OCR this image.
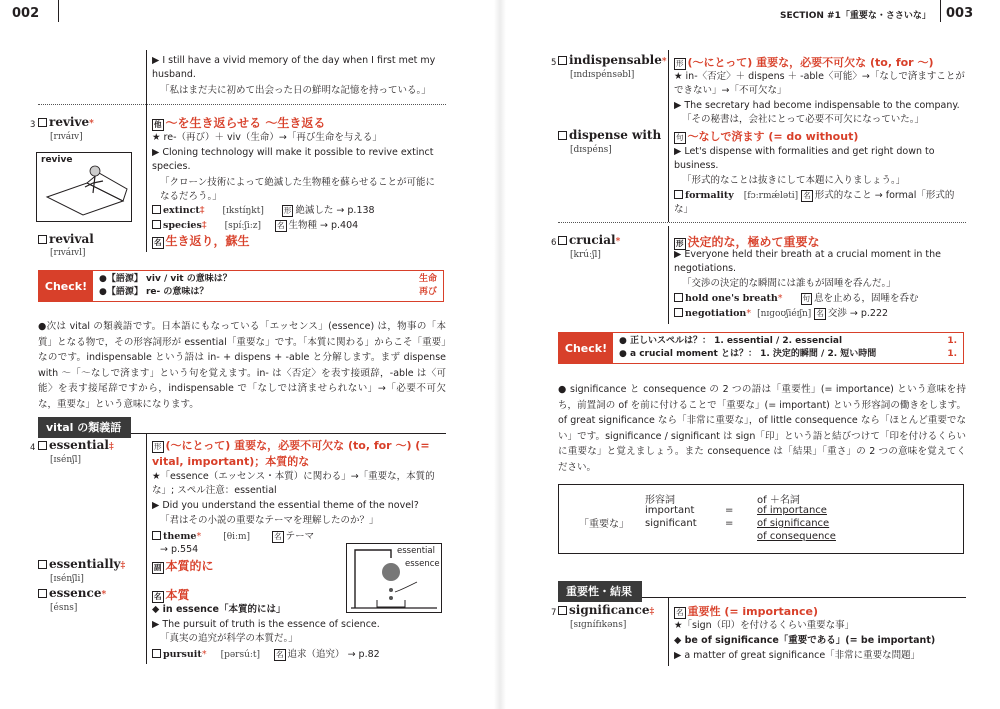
002
▶ I still have a vivid memory of the day when I first met my husband.
「私はまだ夫に初めて出会った日の鮮明な記憶を持っている。」
3	revive*
[rɪváɪv]
他 〜を生き返らせる 〜生き返る
★ re-（再び）＋ viv（生命）→「再び生命を与える」
▶ Cloning technology will make it possible to revive extinct species.
「クローン技術によって絶滅した生物種を蘇らせることが可能になるだろう。」
revive
extinct‡ [ɪkstíŋkt]	形 絶滅した → p.138
species‡ [spíːʃiːz] 名 生物種 → p.404
revival
[rɪváɪvl]
名 生き返り，蘇生
Check!
●【語源】 viv / vit の意味は？	生命
●【語源】 re- の意味は？	再び
●次は vital の類義語です。日本語にもなっている「エッセンス」(essence) は，物事の「本質」となる物で，その形容詞形が essential「重要な」です。「本質に関わる」からこそ「重要」なのです。indispensable という語は in- + dispens + -able と分解します。まず dispense with ～「～なしで済ます」という句を覚えます。in- は〈否定〉を表す接頭辞，-able は〈可能〉を表す接尾辞ですから，indispensable で「なしでは済ませられない」→「必要不可欠な，重要な」という意味になります。
vital の類義語
4	essential‡
[ɪsénʃl]
形 (〜にとって) 重要な，必要不可欠な (to, for 〜) (= vital, important)；本質的な
★「essence（エッセンス・本質）に関わる」→「重要な，本質的な」; スペル注意：essential
▶ Did you understand the essential theme of the novel?
「君はその小説の重要なテーマを理解したのか？」
theme* [θiːm]	名 テーマ
essentially‡
[ɪsénʃli]
→ p.554
副 本質的に
essence*
[ésns]
名 本質
◆ in essence「本質的には」
▶ The pursuit of truth is the essence of science.
「真実の追究が科学の本質だ。」
pursuit* [pərsúːt] 名 追求（追究） → p.82
essential
essence
SECTION #1「重要な・ささいな」 003
5	indispensable*
[ɪndɪspénsəbl]
形 (〜にとって) 重要な，必要不可欠な (to, for 〜)
★ in-〈否定〉＋ dispens ＋ -able〈可能〉→「なしで済ますことができない」→「不可欠な」
▶ The secretary had become indispensable to the company.
「その秘書は，会社にとって必要不可欠になっていた。」
dispense with
[dɪspéns]
句 〜なしで済ます (= do without)
▶ Let's dispense with formalities and get right down to business.
「形式的なことは抜きにして本題に入りましょう。」
formality [fɔːrmǽləti] 名 形式的なこと → formal「形式的な」
6	crucial*
[krúːʃl]
形 決定的な，極めて重要な
▶ Everyone held their breath at a crucial moment in the negotiations.
「交渉の決定的な瞬間には誰もが固唾を呑んだ。」
hold one's breath*	句 息を止める，固唾を呑む
negotiation* [nɪɡoʊʃiéɪʃn] 名 交渉 → p.222
Check!
● 正しいスペルは？： 1. essential / 2. essencial	1.
● a crucial moment とは？： 1. 決定的瞬間 / 2. 短い時間	1.
● significance と consequence の 2 つの語は「重要性」(= importance) という意味を持ち，前置詞の of を前に付けることで「重要な」(= important) という形容詞の働きをします。of great significance なら「非常に重要な」，of little consequence なら「ほとんど重要でない」です。significance / significant は sign「印」という語と結びつけて「印を付けるくらいに重要な」と覚えましょう。また consequence は「結果」「重さ」の 2 つの意味を覚えてください。
「重要な」
形容詞	of ＋名詞
important	= of importance
significant	= of significance
of consequence
重要性・結果
7	significance‡
[sɪɡnífɪkəns]
名 重要性 (= importance)
★「sign（印）を付けるくらい重要な事」
◆ be of significance「重要である」(= be important)
▶ a matter of great significance「非常に重要な問題」
